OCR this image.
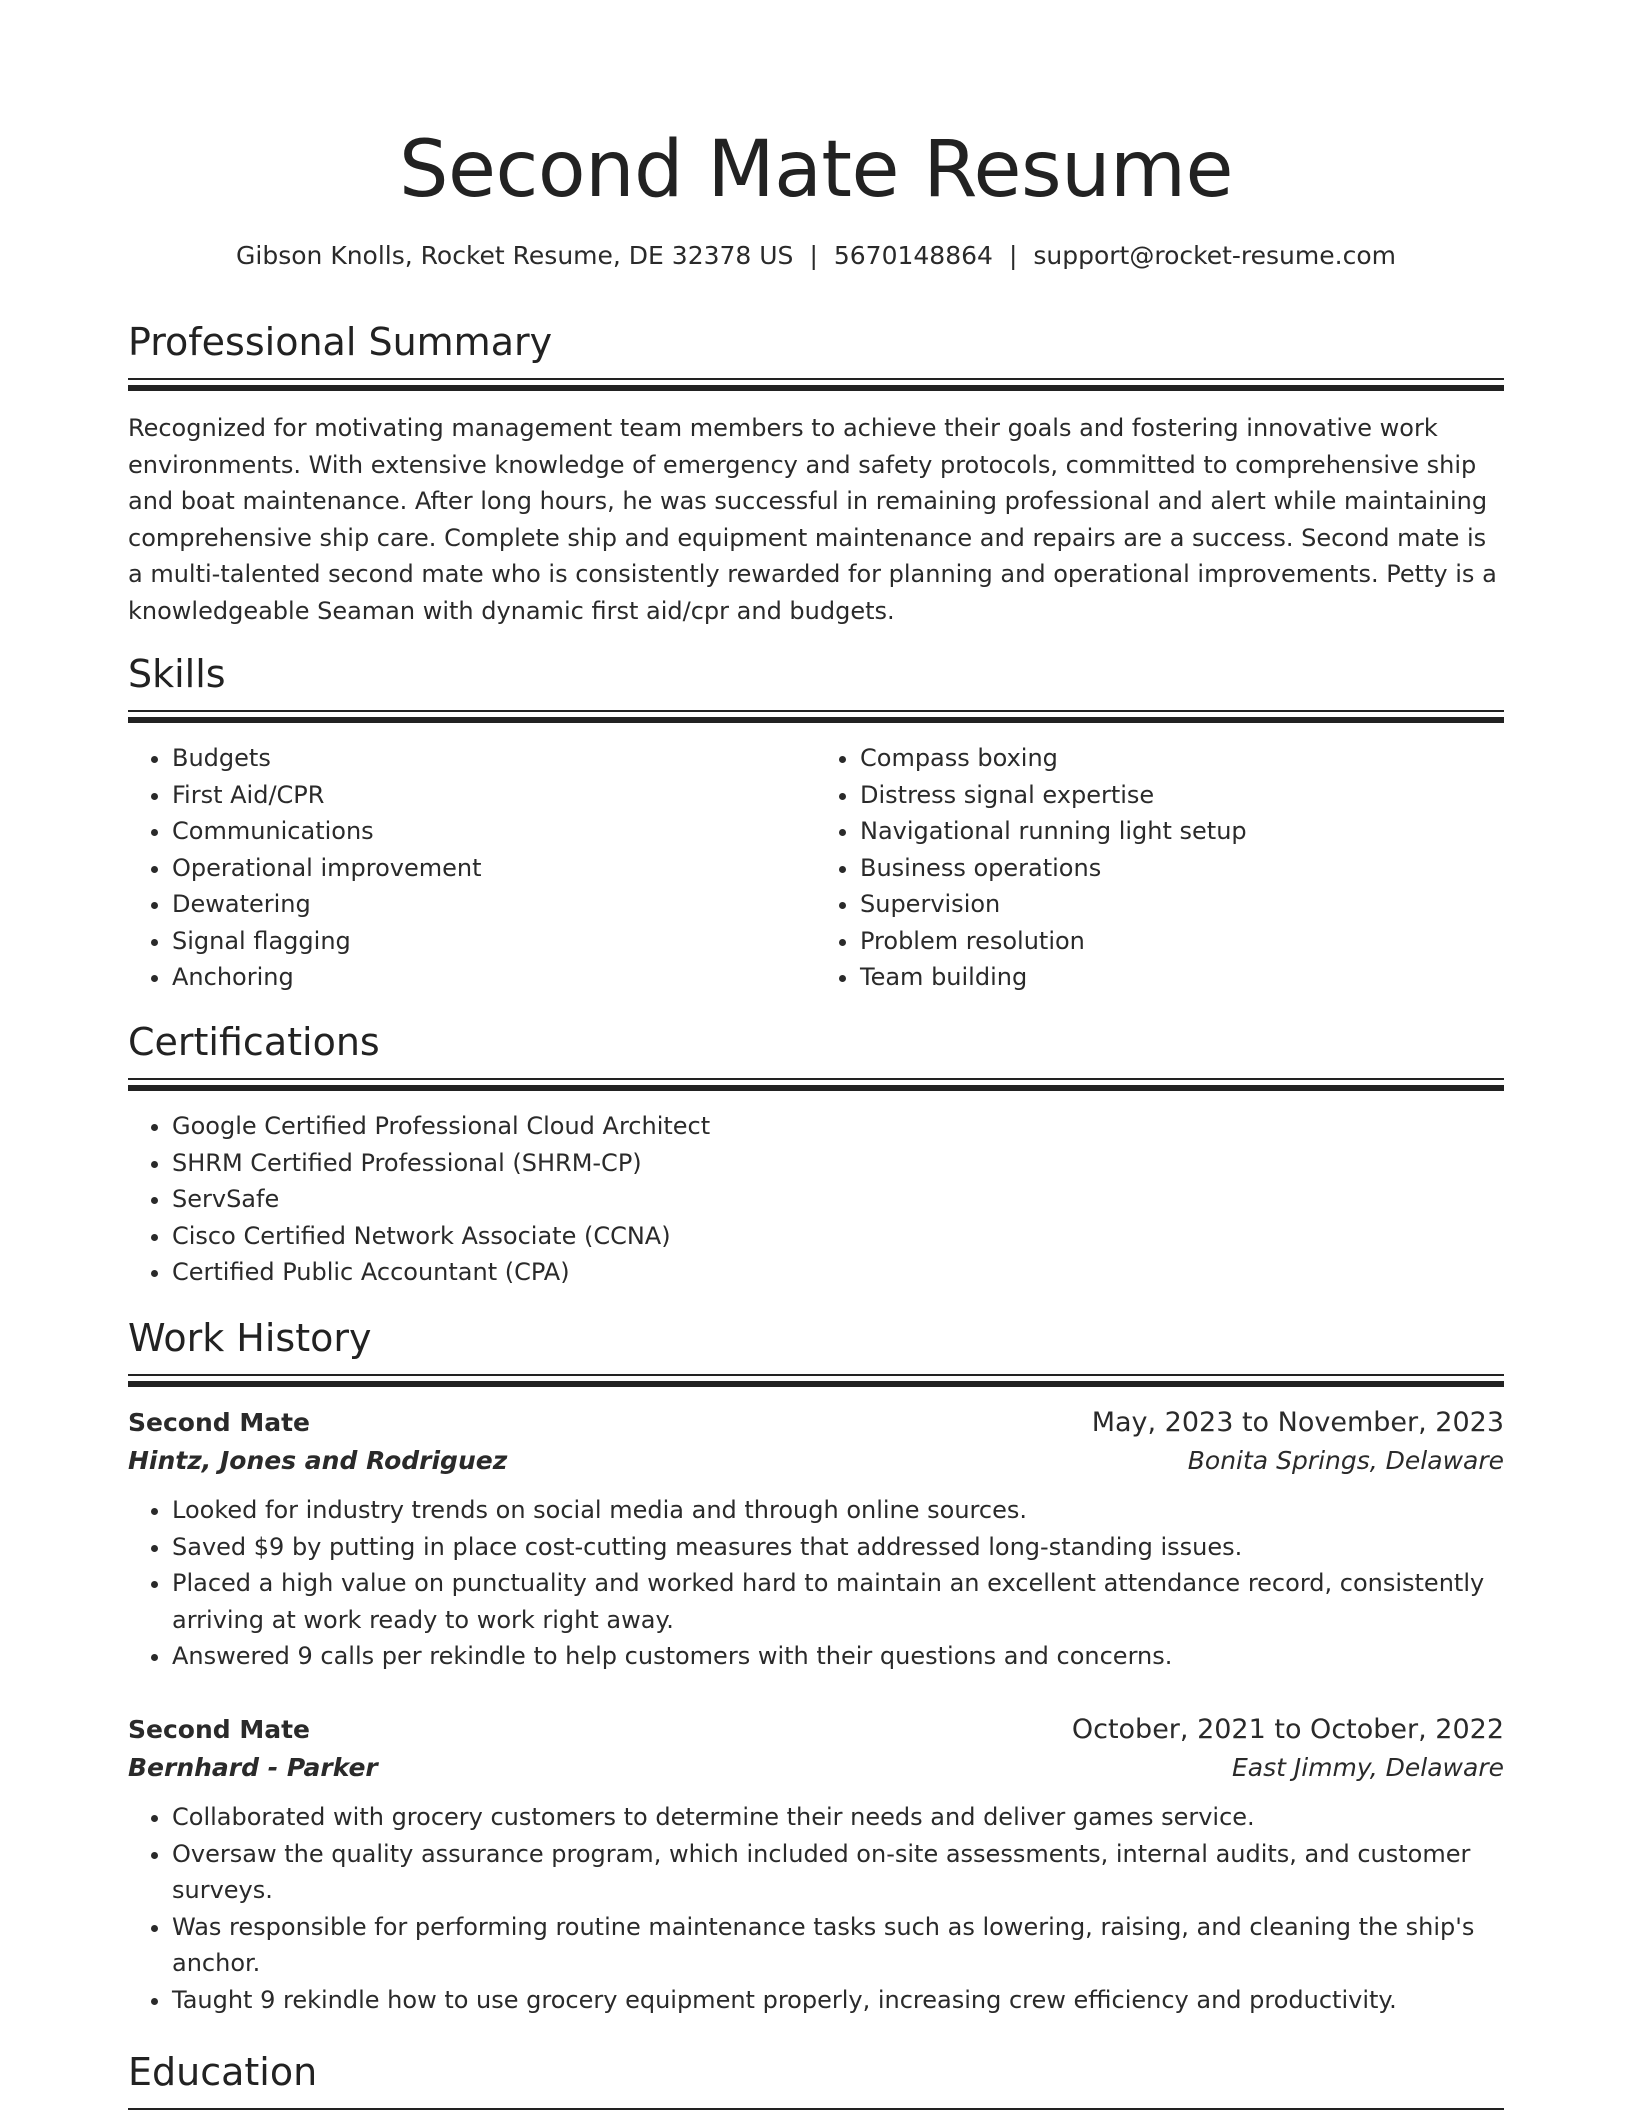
Second Mate Resume
Gibson Knolls, Rocket Resume, DE 32378 US | 5670148864 | support@rocket-resume.com
Professional Summary

Recognized for motivating management team members to achieve their goals and fostering innovative work environments. With extensive knowledge of emergency and safety protocols, committed to comprehensive ship and boat maintenance. After long hours, he was successful in remaining professional and alert while maintaining comprehensive ship care. Complete ship and equipment maintenance and repairs are a success. Second mate is a multi-talented second mate who is consistently rewarded for planning and operational improvements. Petty is a knowledgeable Seaman with dynamic first aid/cpr and budgets.

Skills
• Budgets
• First Aid/CPR
• Communications
• Operational improvement
• Dewatering
• Signal flagging
• Anchoring
• Compass boxing
• Distress signal expertise
• Navigational running light setup
• Business operations
• Supervision
• Problem resolution
• Team building
Certifications
• Google Certified Professional Cloud Architect
• SHRM Certified Professional (SHRM-CP)
• ServSafe
• Cisco Certified Network Associate (CCNA)
• Certified Public Accountant (CPA)
Work History
Second Mate	May, 2023 to November, 2023
Hintz, Jones and Rodriguez	Bonita Springs, Delaware
• Looked for industry trends on social media and through online sources.
• Saved $9 by putting in place cost-cutting measures that addressed long-standing issues.
• Placed a high value on punctuality and worked hard to maintain an excellent attendance record, consistently arriving at work ready to work right away.
• Answered 9 calls per rekindle to help customers with their questions and concerns.
Second Mate	October, 2021 to October, 2022
Bernhard - Parker	East Jimmy, Delaware
• Collaborated with grocery customers to determine their needs and deliver games service.
• Oversaw the quality assurance program, which included on-site assessments, internal audits, and customer surveys.
• Was responsible for performing routine maintenance tasks such as lowering, raising, and cleaning the ship's anchor.
• Taught 9 rekindle how to use grocery equipment properly, increasing crew efficiency and productivity.
Education
